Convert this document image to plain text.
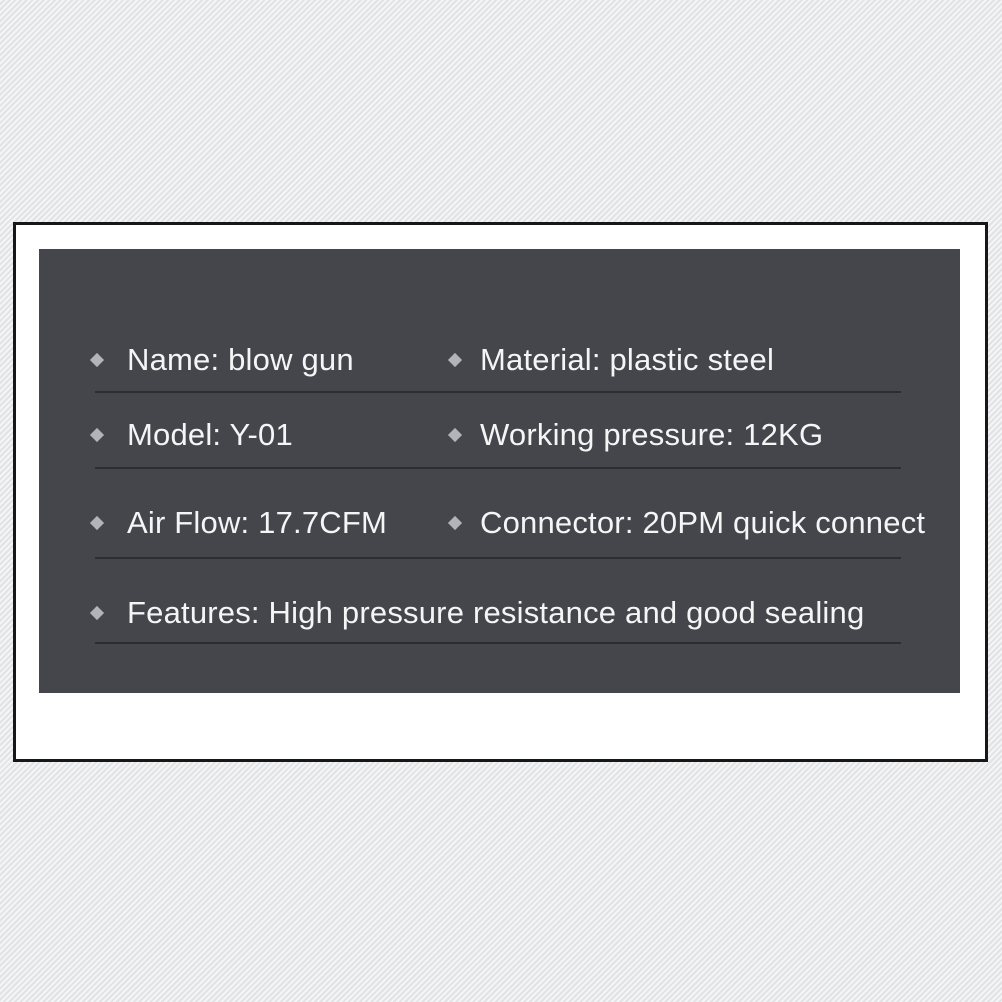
Name: blow gun	Material: plastic steel
Model: Y-01	Working pressure: 12KG
Air Flow: 17.7CFM	Connector: 20PM quick connect
Features: High pressure resistance and good sealing
